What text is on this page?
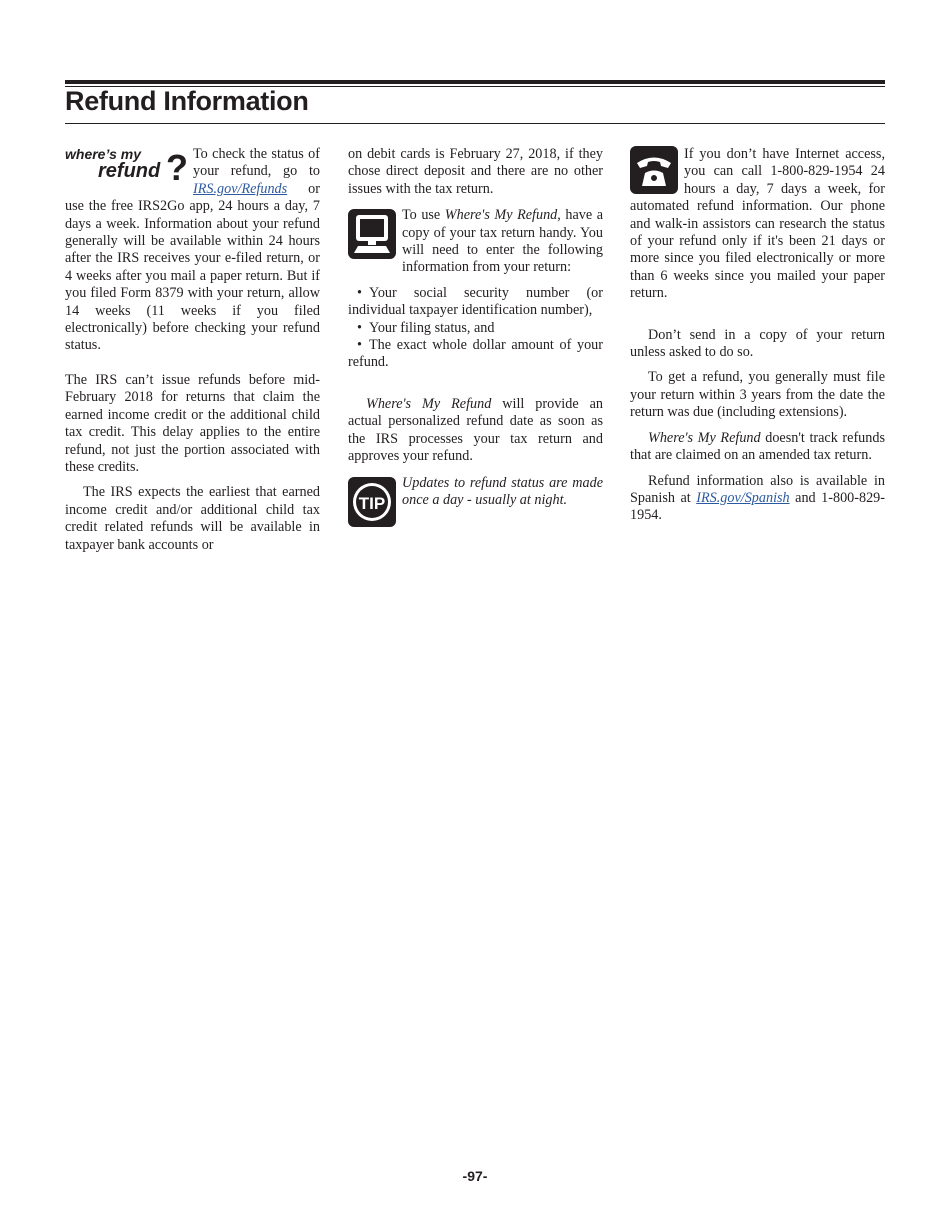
Refund Information
where’s my
refund ? To check the status of your refund, go to IRS.gov/Refunds or use the free IRS2Go app, 24 hours a day, 7 days a week. Information about your refund generally will be available within 24 hours after the IRS receives your e-filed return, or 4 weeks after you mail a paper return. But if you filed Form 8379 with your return, allow 14 weeks (11 weeks if you filed electronically) before checking your refund status.

The IRS can’t issue refunds before mid-February 2018 for returns that claim the earned income credit or the additional child tax credit. This delay applies to the entire refund, not just the portion associated with these credits.

The IRS expects the earliest that earned income credit and/or additional child tax credit related refunds will be available in taxpayer bank accounts or

on debit cards is February 27, 2018, if they chose direct deposit and there are no other issues with the tax return.

To use Where's My Refund, have a copy of your tax return handy. You will need to enter the following information from your return:

• Your social security number (or individual taxpayer identification number),
• Your filing status, and
• The exact whole dollar amount of your refund.

Where's My Refund will provide an actual personalized refund date as soon as the IRS processes your tax return and approves your refund.

TIP

Updates to refund status are made once a day - usually at night.

If you don’t have Internet access, you can call 1-800-829-1954 24 hours a day, 7 days a week, for automated refund information. Our phone and walk-in assistors can research the status of your refund only if it's been 21 days or more since you filed electronically or more than 6 weeks since you mailed your paper return.

Don’t send in a copy of your return unless asked to do so.

To get a refund, you generally must file your return within 3 years from the date the return was due (including extensions).

Where's My Refund doesn't track refunds that are claimed on an amended tax return.

Refund information also is available in Spanish at IRS.gov/Spanish and 1-800-829-1954.

-97-
